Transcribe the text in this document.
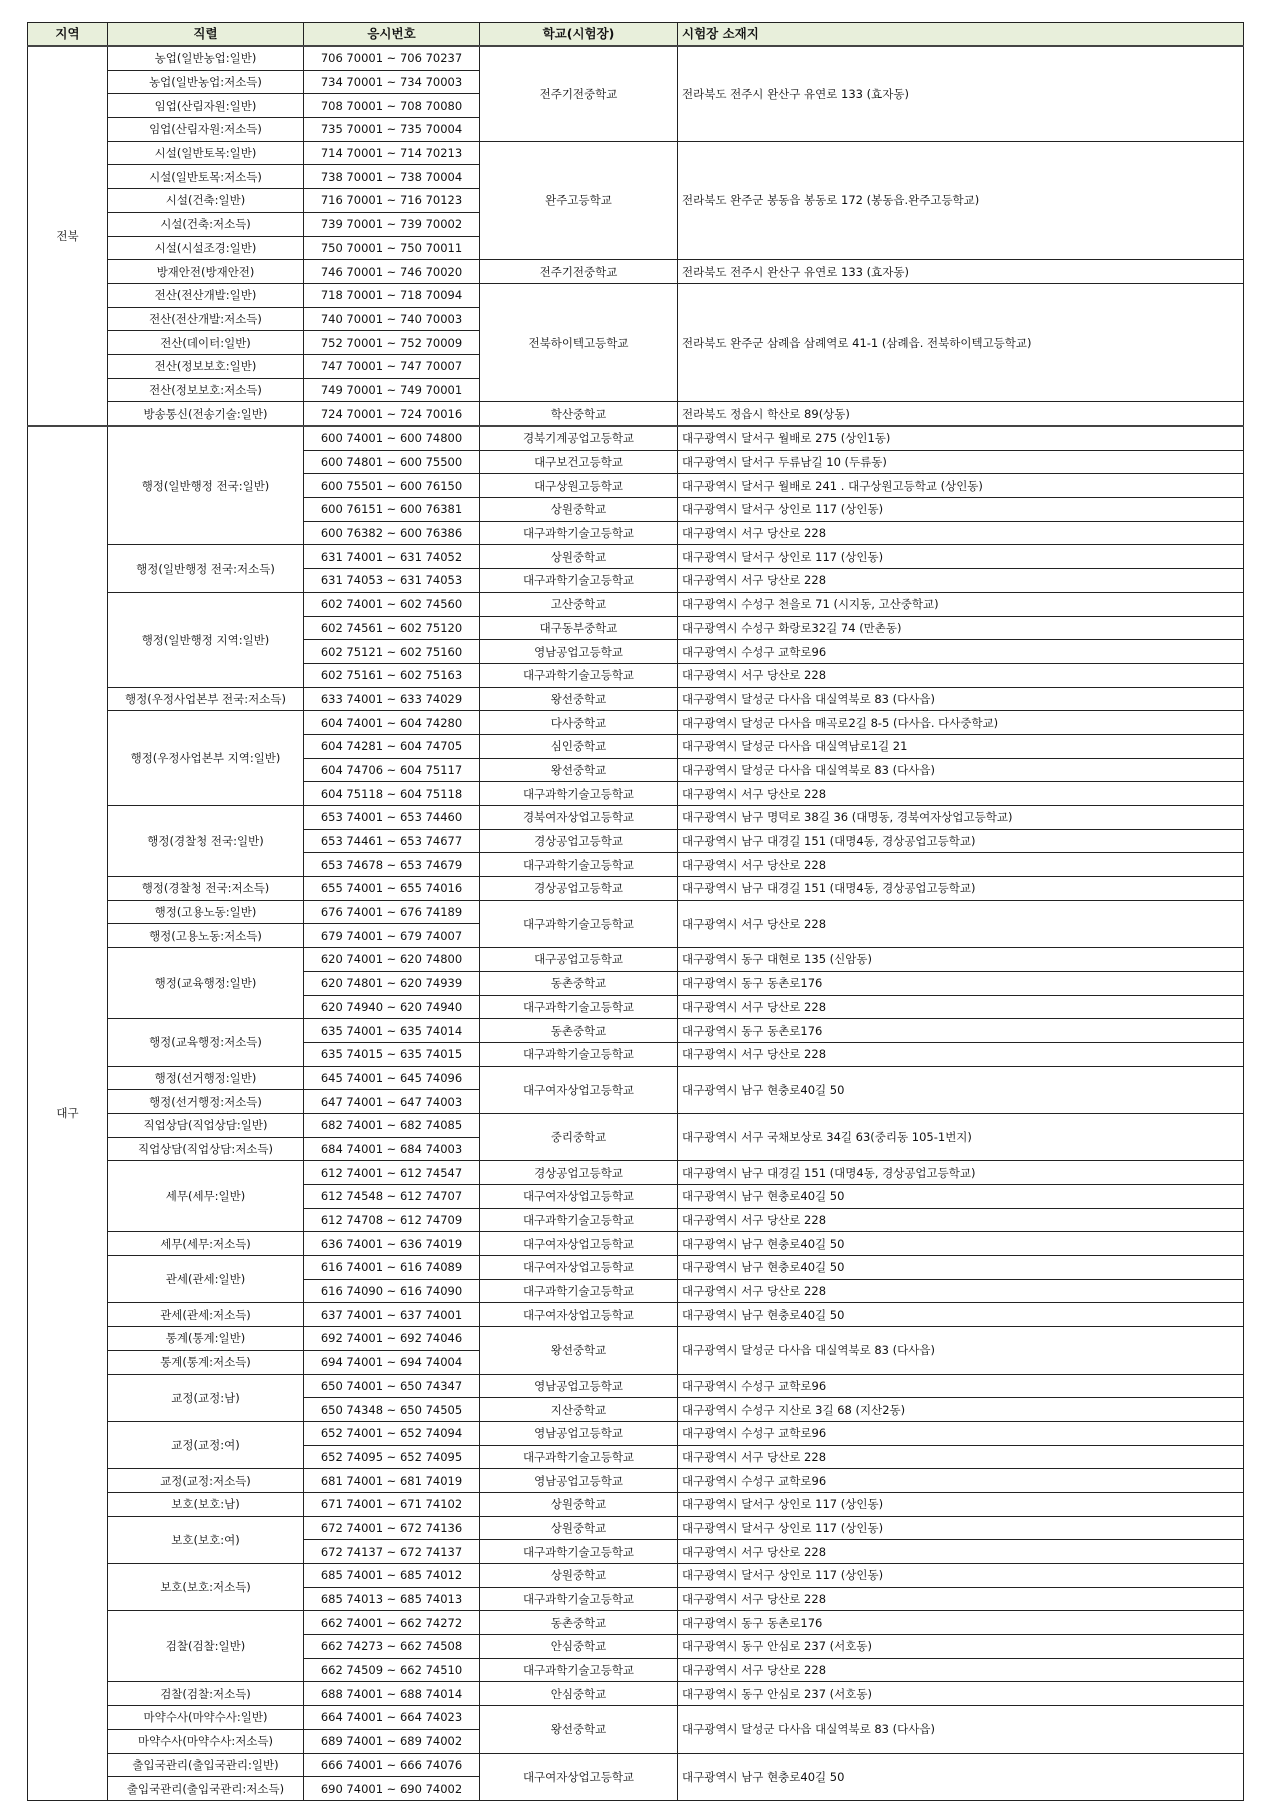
지역	직렬	응시번호	학교(시험장)	시험장 소재지
전북	농업(일반농업:일반)	706 70001 ~ 706 70237	전주기전중학교	전라북도 전주시 완산구 유연로 133 (효자동)
	농업(일반농업:저소득)	734 70001 ~ 734 70003		
	임업(산림자원:일반)	708 70001 ~ 708 70080		
	임업(산림자원:저소득)	735 70001 ~ 735 70004		
	시설(일반토목:일반)	714 70001 ~ 714 70213	완주고등학교	전라북도 완주군 봉동읍 봉동로 172 (봉동읍.완주고등학교)
	시설(일반토목:저소득)	738 70001 ~ 738 70004		
	시설(건축:일반)	716 70001 ~ 716 70123		
	시설(건축:저소득)	739 70001 ~ 739 70002		
	시설(시설조경:일반)	750 70001 ~ 750 70011		
	방재안전(방재안전)	746 70001 ~ 746 70020	전주기전중학교	전라북도 전주시 완산구 유연로 133 (효자동)
	전산(전산개발:일반)	718 70001 ~ 718 70094	전북하이텍고등학교	전라북도 완주군 삼례읍 삼례역로 41-1 (삼례읍. 전북하이텍고등학교)
	전산(전산개발:저소득)	740 70001 ~ 740 70003		
	전산(데이터:일반)	752 70001 ~ 752 70009		
	전산(정보보호:일반)	747 70001 ~ 747 70007		
	전산(정보보호:저소득)	749 70001 ~ 749 70001		
	방송통신(전송기술:일반)	724 70001 ~ 724 70016	학산중학교	전라북도 정읍시 학산로 89(상동)
대구	행정(일반행정 전국:일반)	600 74001 ~ 600 74800	경북기계공업고등학교	대구광역시 달서구 월배로 275 (상인1동)
		600 74801 ~ 600 75500	대구보건고등학교	대구광역시 달서구 두류남길 10 (두류동)
		600 75501 ~ 600 76150	대구상원고등학교	대구광역시 달서구 월배로 241 . 대구상원고등학교 (상인동)
		600 76151 ~ 600 76381	상원중학교	대구광역시 달서구 상인로 117 (상인동)
		600 76382 ~ 600 76386	대구과학기술고등학교	대구광역시 서구 당산로 228
	행정(일반행정 전국:저소득)	631 74001 ~ 631 74052	상원중학교	대구광역시 달서구 상인로 117 (상인동)
		631 74053 ~ 631 74053	대구과학기술고등학교	대구광역시 서구 당산로 228
	행정(일반행정 지역:일반)	602 74001 ~ 602 74560	고산중학교	대구광역시 수성구 천을로 71 (시지동, 고산중학교)
		602 74561 ~ 602 75120	대구동부중학교	대구광역시 수성구 화랑로32길 74 (만촌동)
		602 75121 ~ 602 75160	영남공업고등학교	대구광역시 수성구 교학로96
		602 75161 ~ 602 75163	대구과학기술고등학교	대구광역시 서구 당산로 228
	행정(우정사업본부 전국:저소득)	633 74001 ~ 633 74029	왕선중학교	대구광역시 달성군 다사읍 대실역북로 83 (다사읍)
	행정(우정사업본부 지역:일반)	604 74001 ~ 604 74280	다사중학교	대구광역시 달성군 다사읍 매곡로2길 8-5 (다사읍. 다사중학교)
		604 74281 ~ 604 74705	심인중학교	대구광역시 달성군 다사읍 대실역남로1길 21
		604 74706 ~ 604 75117	왕선중학교	대구광역시 달성군 다사읍 대실역북로 83 (다사읍)
		604 75118 ~ 604 75118	대구과학기술고등학교	대구광역시 서구 당산로 228
	행정(경찰청 전국:일반)	653 74001 ~ 653 74460	경북여자상업고등학교	대구광역시 남구 명덕로 38길 36 (대명동, 경북여자상업고등학교)
		653 74461 ~ 653 74677	경상공업고등학교	대구광역시 남구 대경길 151 (대명4동, 경상공업고등학교)
		653 74678 ~ 653 74679	대구과학기술고등학교	대구광역시 서구 당산로 228
	행정(경찰청 전국:저소득)	655 74001 ~ 655 74016	경상공업고등학교	대구광역시 남구 대경길 151 (대명4동, 경상공업고등학교)
	행정(고용노동:일반)	676 74001 ~ 676 74189	대구과학기술고등학교	대구광역시 서구 당산로 228
	행정(고용노동:저소득)	679 74001 ~ 679 74007		
	행정(교육행정:일반)	620 74001 ~ 620 74800	대구공업고등학교	대구광역시 동구 대현로 135 (신암동)
		620 74801 ~ 620 74939	동촌중학교	대구광역시 동구 동촌로176
		620 74940 ~ 620 74940	대구과학기술고등학교	대구광역시 서구 당산로 228
	행정(교육행정:저소득)	635 74001 ~ 635 74014	동촌중학교	대구광역시 동구 동촌로176
		635 74015 ~ 635 74015	대구과학기술고등학교	대구광역시 서구 당산로 228
	행정(선거행정:일반)	645 74001 ~ 645 74096	대구여자상업고등학교	대구광역시 남구 현충로40길 50
	행정(선거행정:저소득)	647 74001 ~ 647 74003		
	직업상담(직업상담:일반)	682 74001 ~ 682 74085	중리중학교	대구광역시 서구 국채보상로 34길 63(중리동 105-1번지)
	직업상담(직업상담:저소득)	684 74001 ~ 684 74003		
	세무(세무:일반)	612 74001 ~ 612 74547	경상공업고등학교	대구광역시 남구 대경길 151 (대명4동, 경상공업고등학교)
		612 74548 ~ 612 74707	대구여자상업고등학교	대구광역시 남구 현충로40길 50
		612 74708 ~ 612 74709	대구과학기술고등학교	대구광역시 서구 당산로 228
	세무(세무:저소득)	636 74001 ~ 636 74019	대구여자상업고등학교	대구광역시 남구 현충로40길 50
	관세(관세:일반)	616 74001 ~ 616 74089	대구여자상업고등학교	대구광역시 남구 현충로40길 50
		616 74090 ~ 616 74090	대구과학기술고등학교	대구광역시 서구 당산로 228
	관세(관세:저소득)	637 74001 ~ 637 74001	대구여자상업고등학교	대구광역시 남구 현충로40길 50
	통계(통계:일반)	692 74001 ~ 692 74046	왕선중학교	대구광역시 달성군 다사읍 대실역북로 83 (다사읍)
	통계(통계:저소득)	694 74001 ~ 694 74004		
	교정(교정:남)	650 74001 ~ 650 74347	영남공업고등학교	대구광역시 수성구 교학로96
		650 74348 ~ 650 74505	지산중학교	대구광역시 수성구 지산로 3길 68 (지산2동)
	교정(교정:여)	652 74001 ~ 652 74094	영남공업고등학교	대구광역시 수성구 교학로96
		652 74095 ~ 652 74095	대구과학기술고등학교	대구광역시 서구 당산로 228
	교정(교정:저소득)	681 74001 ~ 681 74019	영남공업고등학교	대구광역시 수성구 교학로96
	보호(보호:남)	671 74001 ~ 671 74102	상원중학교	대구광역시 달서구 상인로 117 (상인동)
	보호(보호:여)	672 74001 ~ 672 74136	상원중학교	대구광역시 달서구 상인로 117 (상인동)
		672 74137 ~ 672 74137	대구과학기술고등학교	대구광역시 서구 당산로 228
	보호(보호:저소득)	685 74001 ~ 685 74012	상원중학교	대구광역시 달서구 상인로 117 (상인동)
		685 74013 ~ 685 74013	대구과학기술고등학교	대구광역시 서구 당산로 228
	검찰(검찰:일반)	662 74001 ~ 662 74272	동촌중학교	대구광역시 동구 동촌로176
		662 74273 ~ 662 74508	안심중학교	대구광역시 동구 안심로 237 (서호동)
		662 74509 ~ 662 74510	대구과학기술고등학교	대구광역시 서구 당산로 228
	검찰(검찰:저소득)	688 74001 ~ 688 74014	안심중학교	대구광역시 동구 안심로 237 (서호동)
	마약수사(마약수사:일반)	664 74001 ~ 664 74023	왕선중학교	대구광역시 달성군 다사읍 대실역북로 83 (다사읍)
	마약수사(마약수사:저소득)	689 74001 ~ 689 74002		
	출입국관리(출입국관리:일반)	666 74001 ~ 666 74076	대구여자상업고등학교	대구광역시 남구 현충로40길 50
	출입국관리(출입국관리:저소득)	690 74001 ~ 690 74002		
